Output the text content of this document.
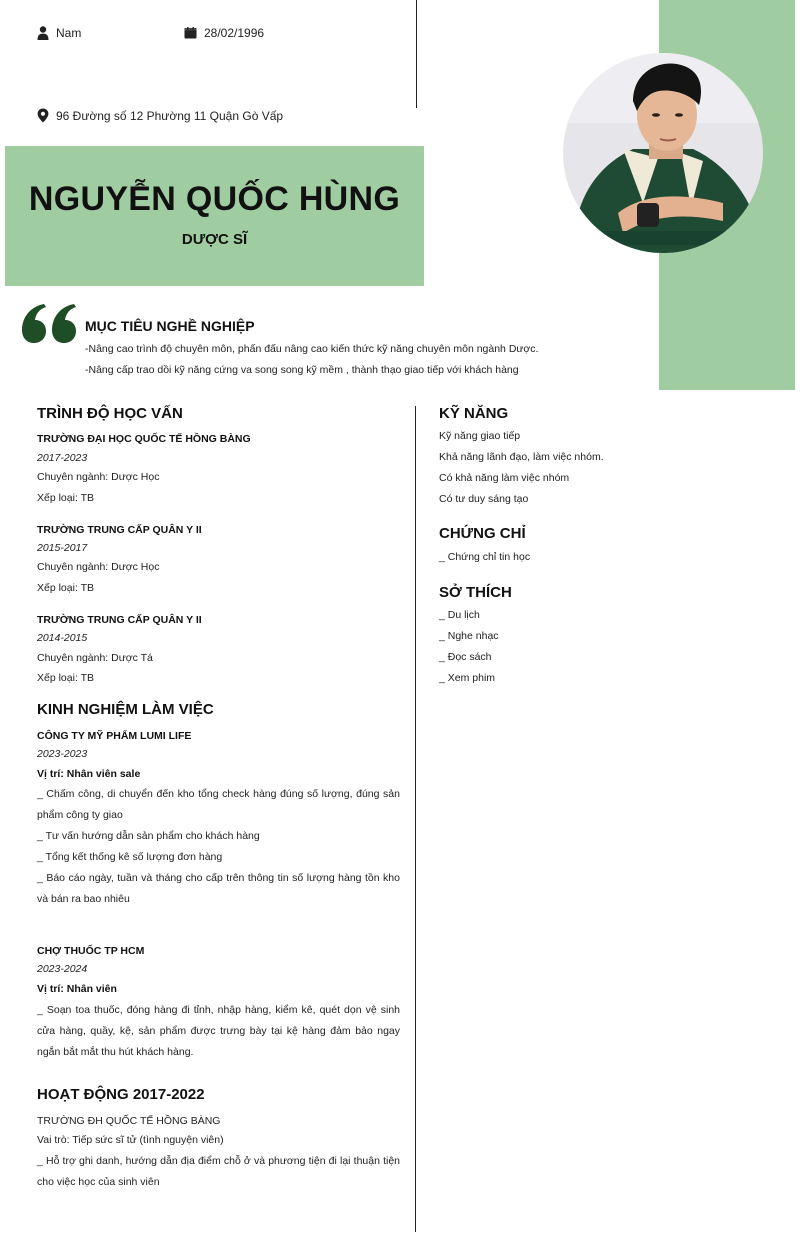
Nam	28/02/1996
96 Đường số 12 Phường 11 Quận Gò Vấp
NGUYỄN QUỐC HÙNG
DƯỢC SĨ
MỤC TIÊU NGHỀ NGHIỆP
-Nâng cao trình độ chuyên môn, phấn đấu nâng cao kiến thức kỹ năng chuyên môn ngành Dược.
-Nâng cấp trao dồi kỹ năng cứng va song song kỹ mềm , thành thạo giao tiếp với khách hàng
TRÌNH ĐỘ HỌC VẤN
TRƯỜNG ĐẠI HỌC QUỐC TẾ HỒNG BÀNG
2017-2023
Chuyên ngành: Dược Học
Xếp loại: TB
TRƯỜNG TRUNG CẤP QUÂN Y II
2015-2017
Chuyên ngành: Dược Học
Xếp loại: TB
TRƯỜNG TRUNG CẤP QUÂN Y II
2014-2015
Chuyên ngành: Dược Tá
Xếp loại: TB
KINH NGHIỆM LÀM VIỆC
CÔNG TY MỸ PHẨM LUMI LIFE
2023-2023
Vị trí: Nhân viên sale
_ Chấm công, di chuyển đến kho tổng check hàng đúng số lượng, đúng sản phẩm công ty giao
_ Tư vấn hướng dẫn sản phẩm cho khách hàng
_ Tổng kết thống kê số lượng đơn hàng
_ Báo cáo ngày, tuần và tháng cho cấp trên thông tin số lượng hàng tồn kho và bán ra bao nhiêu
CHỢ THUỐC TP HCM
2023-2024
Vị trí: Nhân viên
_ Soạn toa thuốc, đóng hàng đi tỉnh, nhập hàng, kiểm kê, quét dọn vệ sinh cửa hàng, quầy, kệ, sản phẩm được trưng bày tại kệ hàng đảm bảo ngay ngắn bắt mắt thu hút khách hàng.
HOẠT ĐỘNG 2017-2022
TRƯỜNG ĐH QUỐC TẾ HỒNG BÀNG
Vai trò: Tiếp sức sĩ tử (tình nguyện viên)
_ Hỗ trợ ghi danh, hướng dẫn địa điểm chỗ ở và phương tiện đi lại thuận tiện cho việc học của sinh viên
KỸ NĂNG
Kỹ năng giao tiếp
Khả năng lãnh đạo, làm việc nhóm.
Có khả năng làm việc nhóm
Có tư duy sáng tạo
CHỨNG CHỈ
_ Chứng chỉ tin học
SỞ THÍCH
_ Du lịch
_ Nghe nhạc
_ Đọc sách
_ Xem phim
